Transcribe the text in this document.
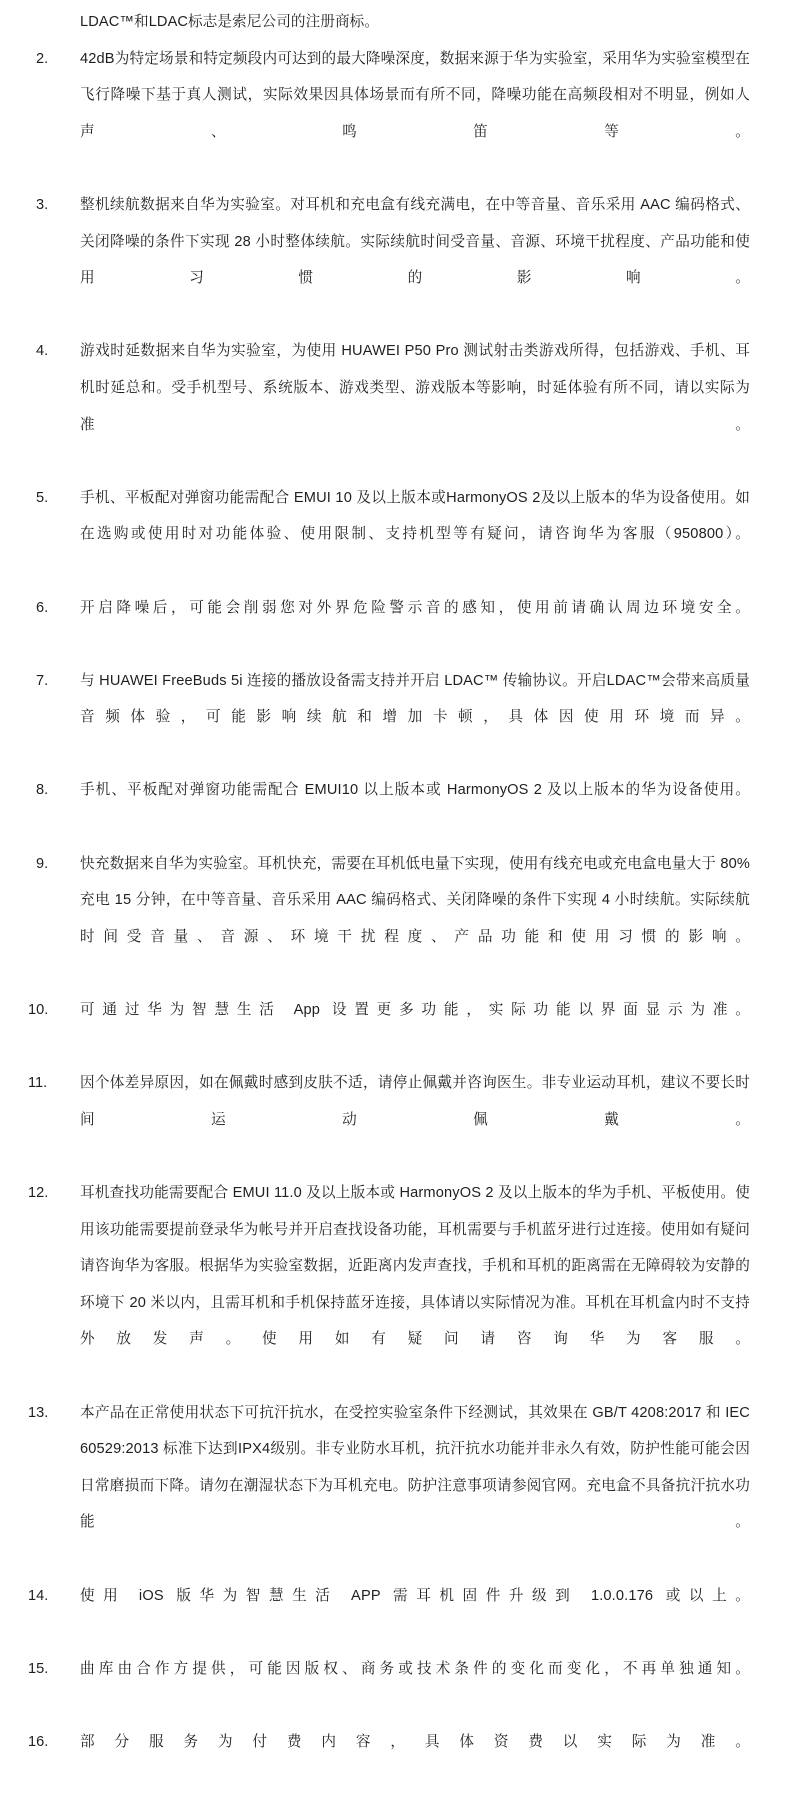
LDAC™和LDAC标志是索尼公司的注册商标。

2.	42dB为特定场景和特定频段内可达到的最大降噪深度，数据来源于华为实验室，采用华为实验室模型在飞行降噪下基于真人测试，实际效果因具体场景而有所不同，降噪功能在高频段相对不明显，例如人声、鸣笛等。
3.	整机续航数据来自华为实验室。对耳机和充电盒有线充满电，在中等音量、音乐采用 AAC 编码格式、关闭降噪的条件下实现 28 小时整体续航。实际续航时间受音量、音源、环境干扰程度、产品功能和使用习惯的影响。
4.	游戏时延数据来自华为实验室，为使用 HUAWEI P50 Pro 测试射击类游戏所得，包括游戏、手机、耳机时延总和。受手机型号、系统版本、游戏类型、游戏版本等影响，时延体验有所不同，请以实际为准。
5.	手机、平板配对弹窗功能需配合 EMUI 10 及以上版本或HarmonyOS 2及以上版本的华为设备使用。如在选购或使用时对功能体验、使用限制、支持机型等有疑问，请咨询华为客服（950800）。
6.	开启降噪后，可能会削弱您对外界危险警示音的感知，使用前请确认周边环境安全。
7.	与 HUAWEI FreeBuds 5i 连接的播放设备需支持并开启 LDAC™ 传输协议。开启LDAC™会带来高质量音频体验，可能影响续航和增加卡顿，具体因使用环境而异。
8.	手机、平板配对弹窗功能需配合 EMUI10 以上版本或 HarmonyOS 2 及以上版本的华为设备使用。
9.	快充数据来自华为实验室。耳机快充，需要在耳机低电量下实现，使用有线充电或充电盒电量大于 80% 充电 15 分钟，在中等音量、音乐采用 AAC 编码格式、关闭降噪的条件下实现 4 小时续航。实际续航时间受音量、音源、环境干扰程度、产品功能和使用习惯的影响。
10.	可通过华为智慧生活 App 设置更多功能，实际功能以界面显示为准。
11.	因个体差异原因，如在佩戴时感到皮肤不适，请停止佩戴并咨询医生。非专业运动耳机，建议不要长时间运动佩戴。
12.	耳机查找功能需要配合 EMUI 11.0 及以上版本或 HarmonyOS 2 及以上版本的华为手机、平板使用。使用该功能需要提前登录华为帐号并开启查找设备功能，耳机需要与手机蓝牙进行过连接。使用如有疑问请咨询华为客服。根据华为实验室数据，近距离内发声查找，手机和耳机的距离需在无障碍较为安静的环境下 20 米以内，且需耳机和手机保持蓝牙连接，具体请以实际情况为准。耳机在耳机盒内时不支持外放发声。使用如有疑问请咨询华为客服。
13.	本产品在正常使用状态下可抗汗抗水，在受控实验室条件下经测试，其效果在 GB/T 4208:2017 和 IEC 60529:2013 标准下达到IPX4级别。非专业防水耳机，抗汗抗水功能并非永久有效，防护性能可能会因日常磨损而下降。请勿在潮湿状态下为耳机充电。防护注意事项请参阅官网。充电盒不具备抗汗抗水功能。
14.	使用 iOS 版华为智慧生活 APP 需耳机固件升级到 1.0.0.176 或以上。
15.	曲库由合作方提供，可能因版权、商务或技术条件的变化而变化，不再单独通知。
16.	部分服务为付费内容，具体资费以实际为准。
